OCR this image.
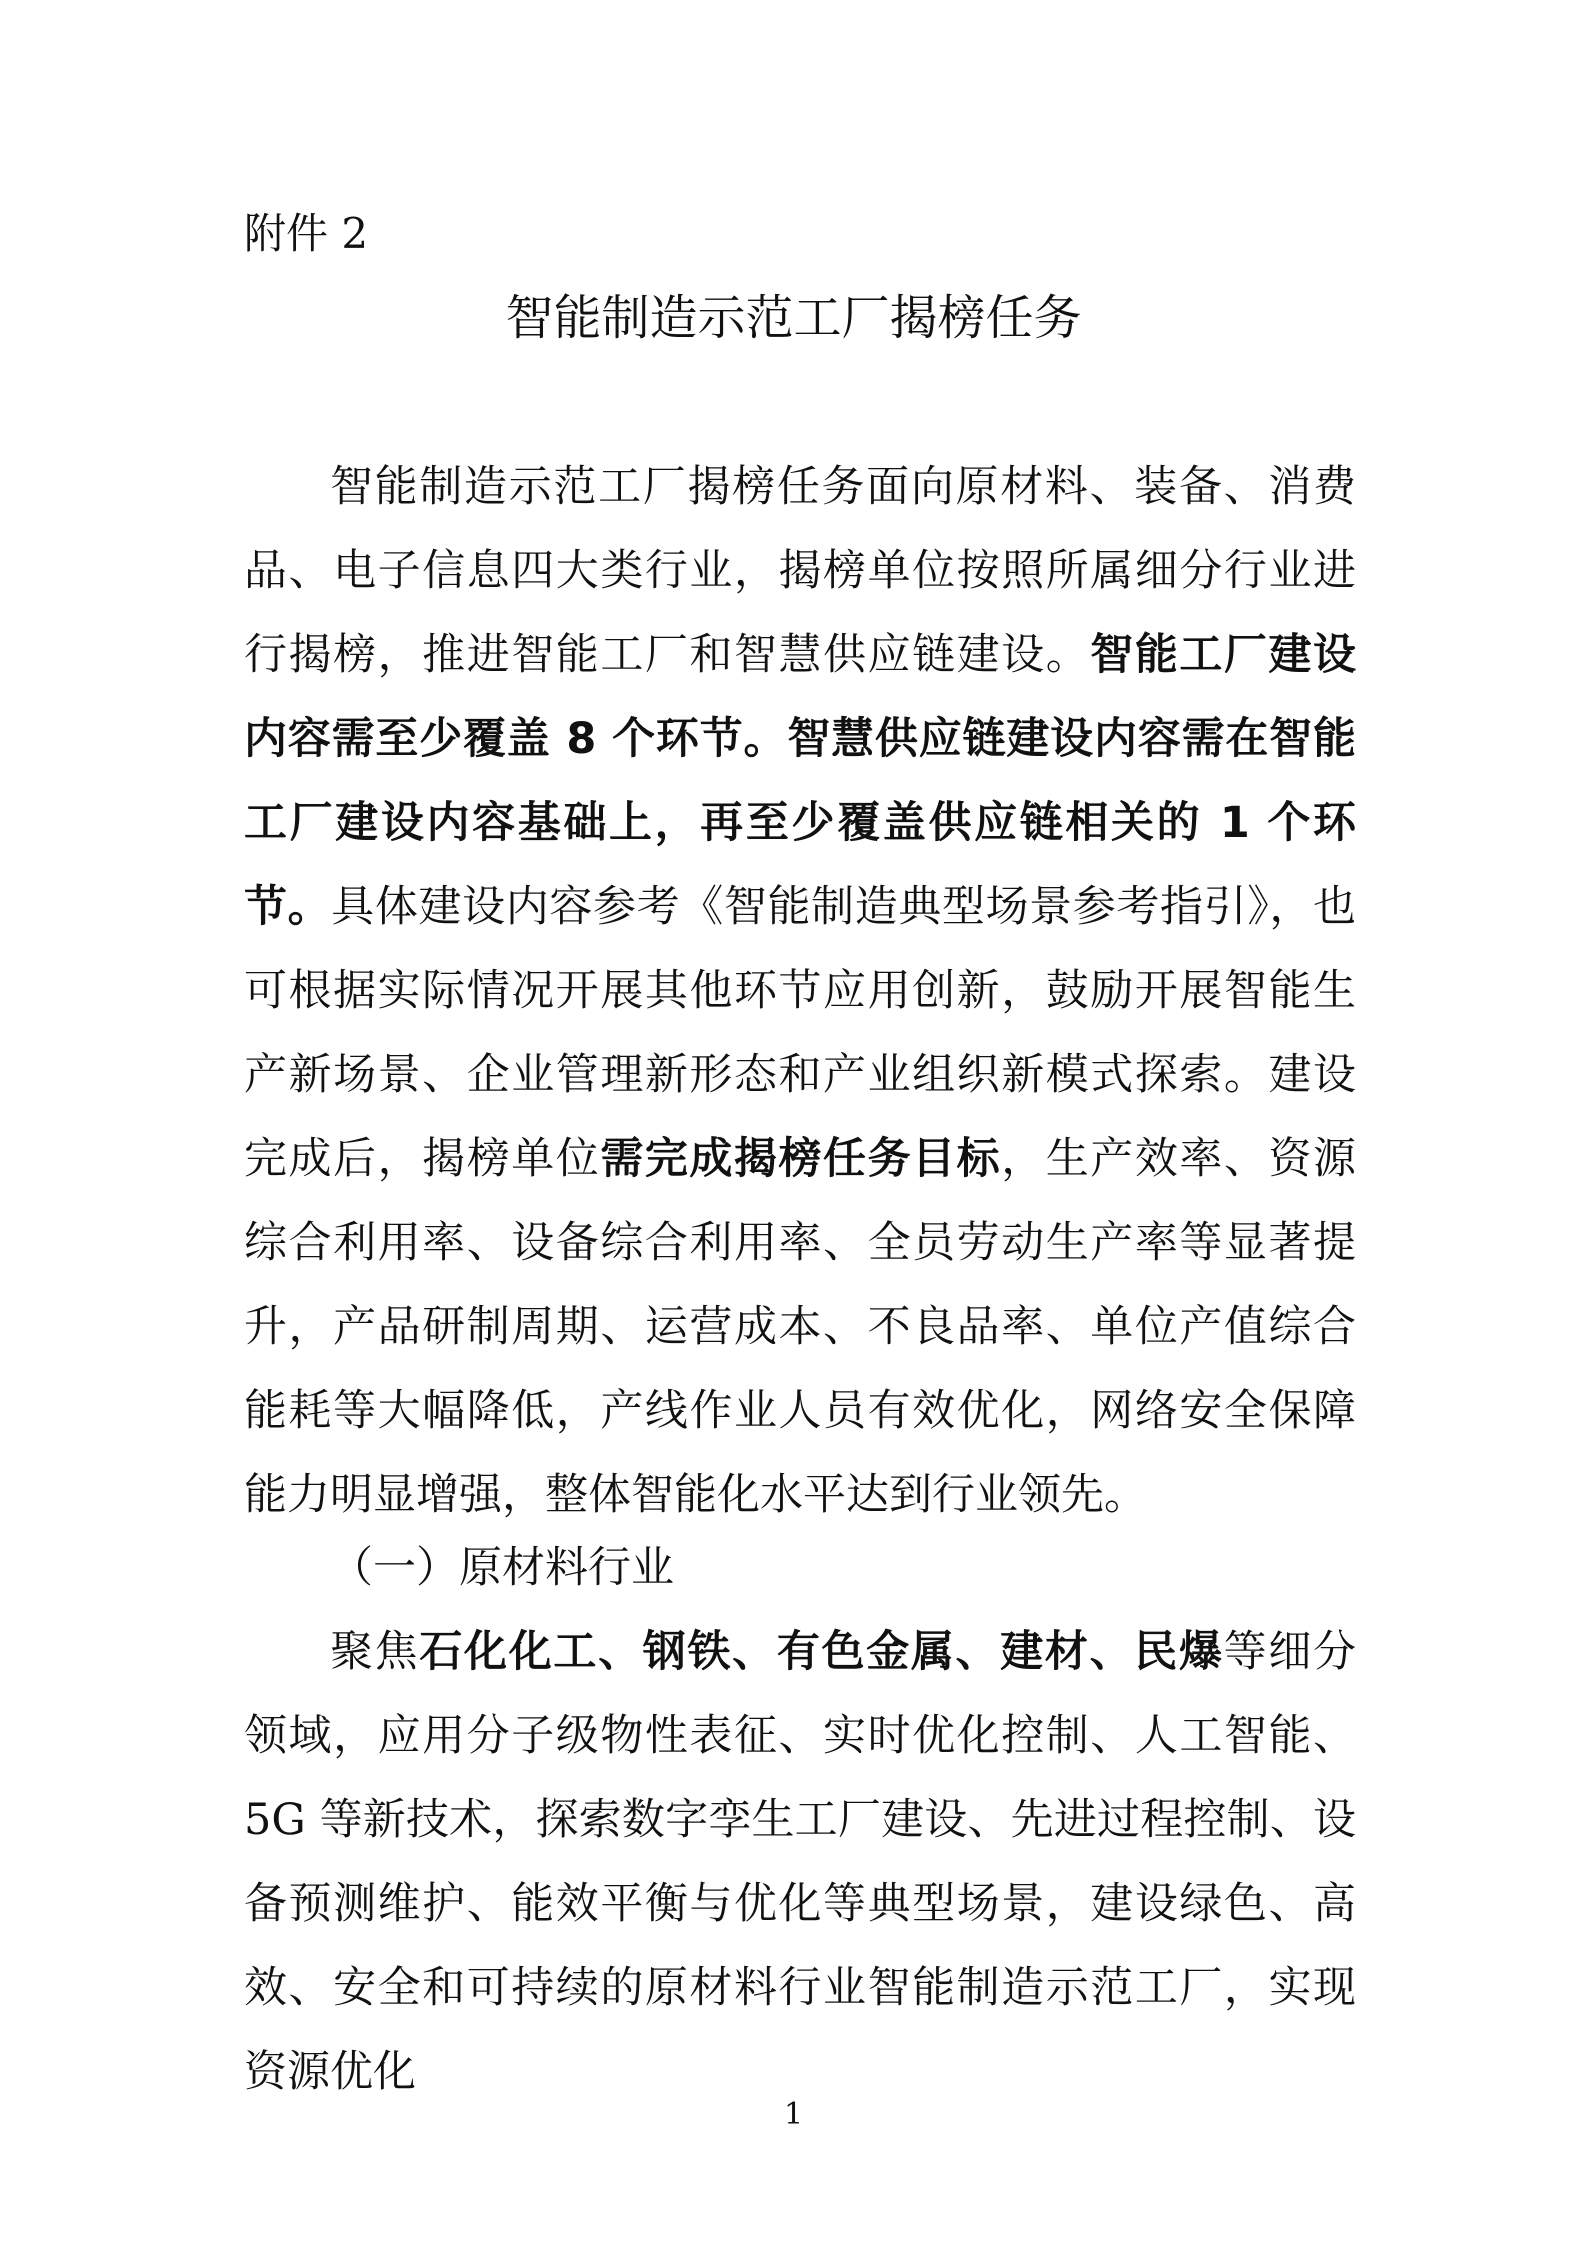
附件 2

智能制造示范工厂揭榜任务

智能制造示范工厂揭榜任务面向原材料、装备、消费品、电子信息四大类行业，揭榜单位按照所属细分行业进行揭榜，推进智能工厂和智慧供应链建设。智能工厂建设内容需至少覆盖 8 个环节。智慧供应链建设内容需在智能工厂建设内容基础上，再至少覆盖供应链相关的 1 个环节。具体建设内容参考《智能制造典型场景参考指引》，也可根据实际情况开展其他环节应用创新，鼓励开展智能生产新场景、企业管理新形态和产业组织新模式探索。建设完成后，揭榜单位需完成揭榜任务目标，生产效率、资源综合利用率、设备综合利用率、全员劳动生产率等显著提升，产品研制周期、运营成本、不良品率、单位产值综合能耗等大幅降低，产线作业人员有效优化，网络安全保障能力明显增强，整体智能化水平达到行业领先。

（一）原材料行业

聚焦石化化工、钢铁、有色金属、建材、民爆等细分领域，应用分子级物性表征、实时优化控制、人工智能、5G 等新技术，探索数字孪生工厂建设、先进过程控制、设备预测维护、能效平衡与优化等典型场景，建设绿色、高效、安全和可持续的原材料行业智能制造示范工厂，实现资源优化

1
